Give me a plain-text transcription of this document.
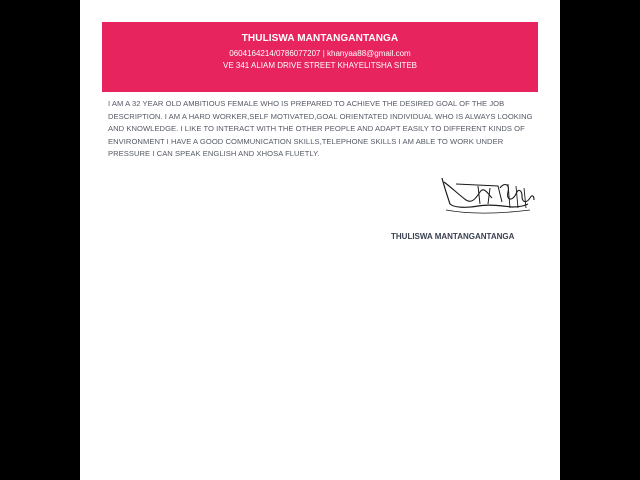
THULISWA MANTANGANTANGA
0604164214/0786077207 | khanyaa88@gmail.com
VE 341 ALIAM DRIVE STREET KHAYELITSHA SITEB
I AM A 32 YEAR OLD AMBITIOUS FEMALE WHO IS PREPARED TO ACHIEVE THE DESIRED GOAL OF THE JOB DESCRIPTION. I AM A HARD WORKER,SELF MOTIVATED,GOAL ORIENTATED INDIVIDUAL WHO IS ALWAYS LOOKING AND KNOWLEDGE. I LIKE TO INTERACT WITH THE OTHER PEOPLE AND ADAPT EASILY TO DIFFERENT KINDS OF ENVIRONMENT I HAVE A GOOD COMMUNICATION SKILLS,TELEPHONE SKILLS I AM ABLE TO WORK UNDER PRESSURE I CAN SPEAK ENGLISH AND XHOSA FLUETLY.
THULISWA MANTANGANTANGA
